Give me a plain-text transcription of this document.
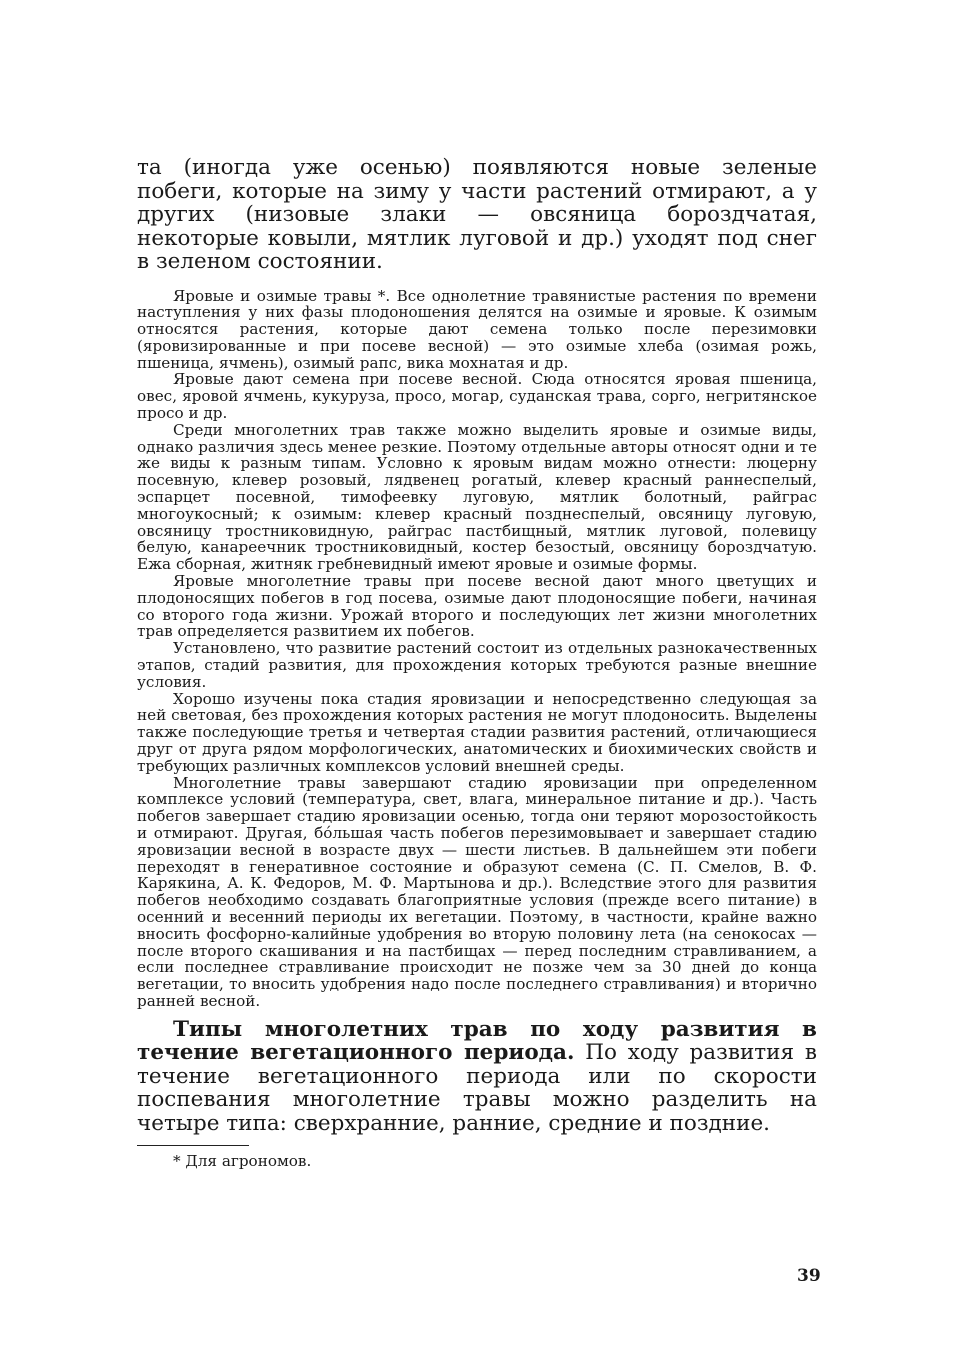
та (иногда уже осенью) появляются новые зеленые побеги, которые на зиму у части растений отмирают, а у других (низовые злаки — овсяница бороздчатая, некоторые ковыли, мятлик луговой и др.) уходят под снег в зеленом состоянии.

Яровые и озимые травы *. Все однолетние травянистые растения по времени наступления у них фазы плодоношения делятся на озимые и яровые. К озимым относятся растения, которые дают семена только после перезимовки (яровизированные и при посеве весной) — это озимые хлеба (озимая рожь, пшеница, ячмень), озимый рапс, вика мохнатая и др.

Яровые дают семена при посеве весной. Сюда относятся яровая пшеница, овес, яровой ячмень, кукуруза, просо, могар, суданская трава, сорго, негритянское просо и др.

Среди многолетних трав также можно выделить яровые и озимые виды, однако различия здесь менее резкие. Поэтому отдельные авторы относят одни и те же виды к разным типам. Условно к яровым видам можно отнести: люцерну посевную, клевер розовый, лядвенец рогатый, клевер красный раннеспелый, эспарцет посевной, тимофеевку луговую, мятлик болотный, райграс многоукосный; к озимым: клевер красный позднеспелый, овсяницу луговую, овсяницу тростниковидную, райграс пастбищный, мятлик луговой, полевицу белую, канареечник тростниковидный, костер безостый, овсяницу бороздчатую. Ежа сборная, житняк гребневидный имеют яровые и озимые формы.

Яровые многолетние травы при посеве весной дают много цветущих и плодоносящих побегов в год посева, озимые дают плодоносящие побеги, начиная со второго года жизни. Урожай второго и последующих лет жизни многолетних трав определяется развитием их побегов.

Установлено, что развитие растений состоит из отдельных разнокачественных этапов, стадий развития, для прохождения которых требуются разные внешние условия.

Хорошо изучены пока стадия яровизации и непосредственно следующая за ней световая, без прохождения которых растения не могут плодоносить. Выделены также последующие третья и четвертая стадии развития растений, отличающиеся друг от друга рядом морфологических, анатомических и биохимических свойств и требующих различных комплексов условий внешней среды.

Многолетние травы завершают стадию яровизации при определенном комплексе условий (температура, свет, влага, минеральное питание и др.). Часть побегов завершает стадию яровизации осенью, тогда они теряют морозостойкость и отмирают. Другая, бо́льшая часть побегов перезимовывает и завершает стадию яровизации весной в возрасте двух — шести листьев. В дальнейшем эти побеги переходят в генеративное состояние и образуют семена (С. П. Смелов, В. Ф. Карякина, А. К. Федоров, М. Ф. Мартынова и др.). Вследствие этого для развития побегов необходимо создавать благоприятные условия (прежде всего питание) в осенний и весенний периоды их вегетации. Поэтому, в частности, крайне важно вносить фосфорно-калийные удобрения во вторую половину лета (на сенокосах — после второго скашивания и на пастбищах — перед последним стравливанием, а если последнее стравливание происходит не позже чем за 30 дней до конца вегетации, то вносить удобрения надо после последнего стравливания) и вторично ранней весной.

Типы многолетних трав по ходу развития в течение вегетационного периода. По ходу развития в течение вегетационного периода или по скорости поспевания многолетние травы можно разделить на четыре типа: сверхранние, ранние, средние и поздние.

* Для агрономов.
39
